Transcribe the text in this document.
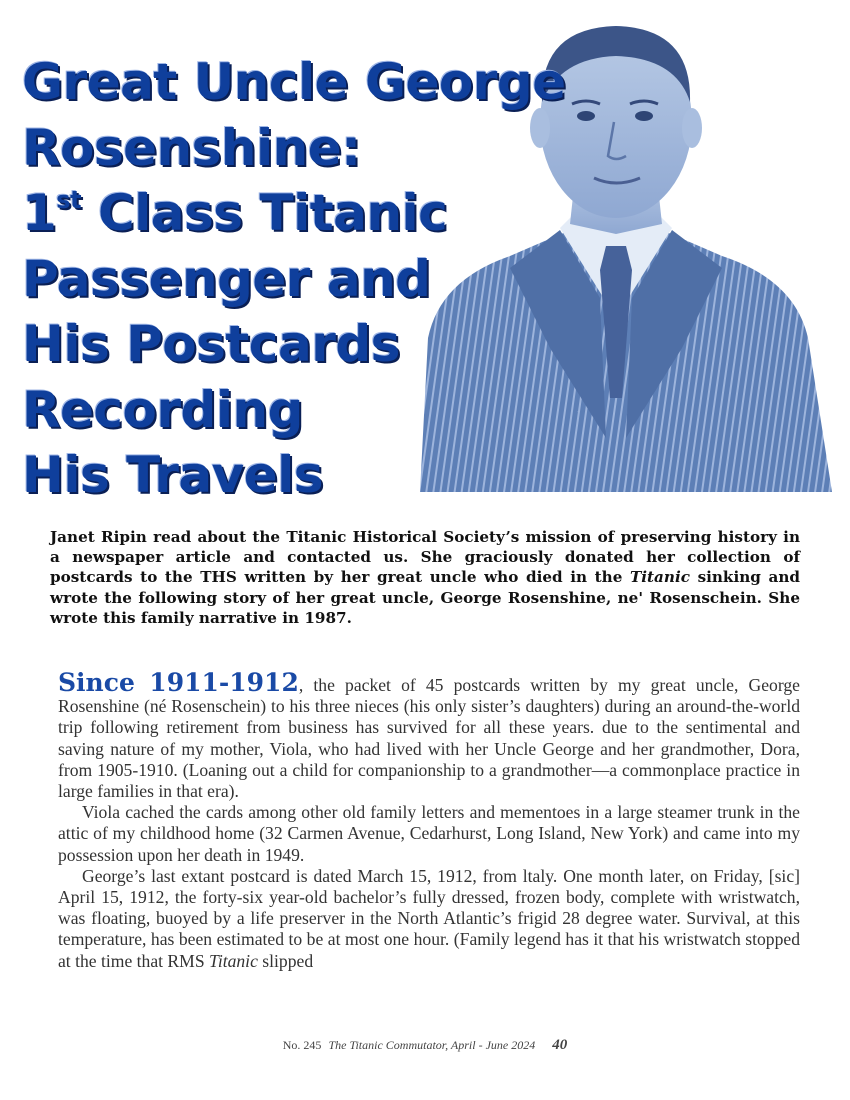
Great Uncle George
Rosenshine:
1st Class Titanic
Passenger and
His Postcards
Recording
His Travels

Janet Ripin read about the Titanic Historical Society’s mission of preserving history in a newspaper article and contacted us. She graciously donated her collection of postcards to the THS written by her great uncle who died in the Titanic sinking and wrote the following story of her great uncle, George Rosenshine, ne' Rosenschein. She wrote this family narrative in 1987.

Since 1911-1912, the packet of 45 postcards written by my great uncle, George Rosenshine (né Rosenschein) to his three nieces (his only sister’s daughters) during an around-the-world trip following retirement from business has survived for all these years. due to the sentimental and saving nature of my mother, Viola, who had lived with her Uncle George and her grandmother, Dora, from 1905-1910. (Loaning out a child for companionship to a grandmother—a commonplace practice in large families in that era).

Viola cached the cards among other old family letters and mementoes in a large steamer trunk in the attic of my childhood home (32 Carmen Avenue, Cedarhurst, Long Island, New York) and came into my possession upon her death in 1949.

George’s last extant postcard is dated March 15, 1912, from ltaly. One month later, on Friday, [sic] April 15, 1912, the forty-six year-old bachelor’s fully dressed, frozen body, complete with wristwatch, was floating, buoyed by a life preserver in the North Atlantic’s frigid 28 degree water. Survival, at this temperature, has been estimated to be at most one hour. (Family legend has it that his wristwatch stopped at the time that RMS Titanic slipped

No. 245 The Titanic Commutator, April - June 2024 40
